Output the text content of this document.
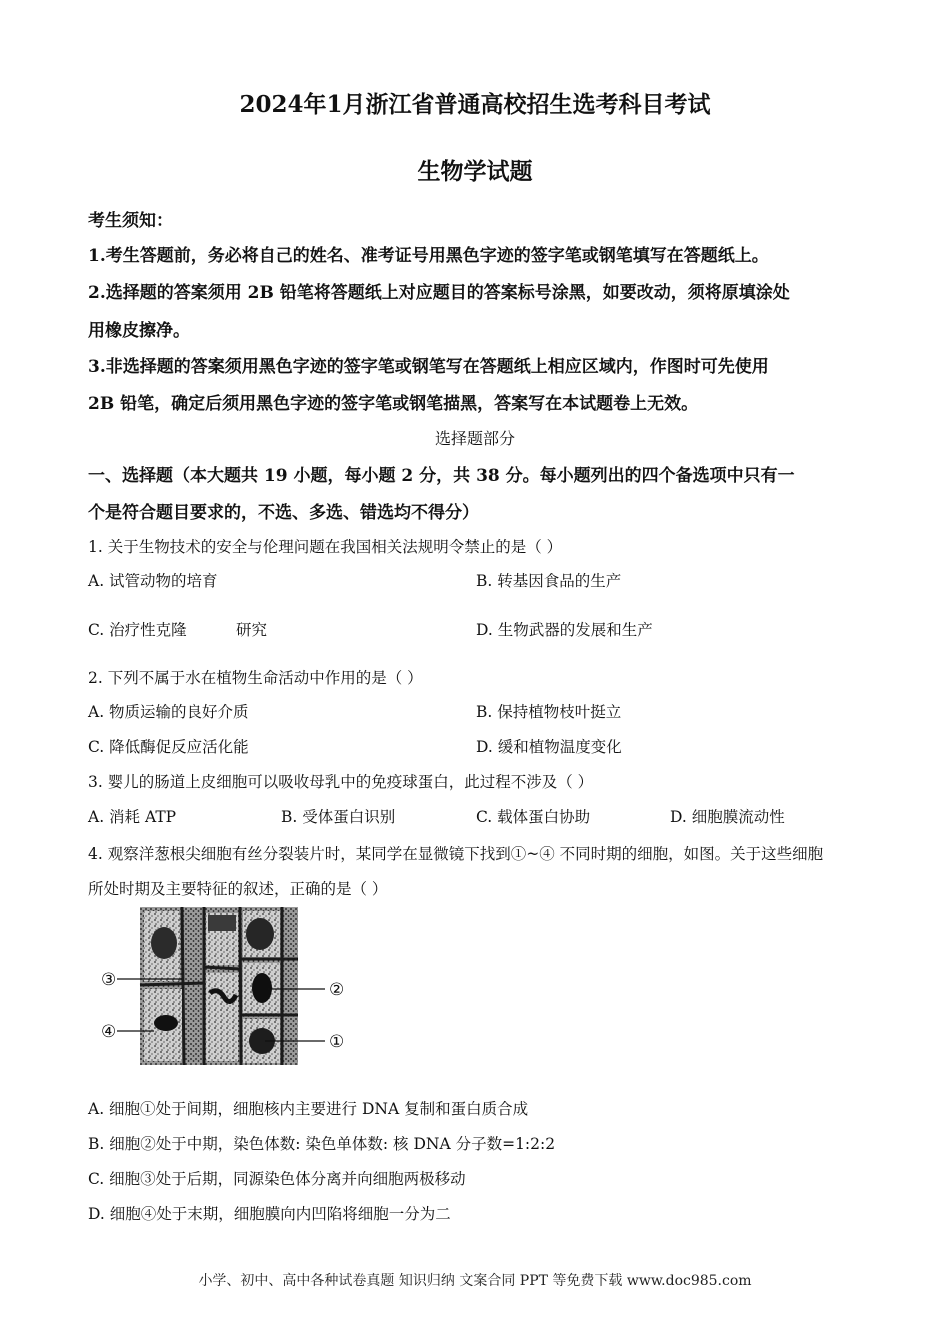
2024年1月浙江省普通高校招生选考科目考试
生物学试题
考生须知：
1.考生答题前，务必将自己的姓名、准考证号用黑色字迹的签字笔或钢笔填写在答题纸上。
2.选择题的答案须用 2B 铅笔将答题纸上对应题目的答案标号涂黑，如要改动，须将原填涂处
用橡皮擦净。
3.非选择题的答案须用黑色字迹的签字笔或钢笔写在答题纸上相应区域内，作图时可先使用
2B 铅笔，确定后须用黑色字迹的签字笔或钢笔描黑，答案写在本试题卷上无效。
选择题部分
一、选择题（本大题共 19 小题，每小题 2 分，共 38 分。每小题列出的四个备选项中只有一
个是符合题目要求的，不选、多选、错选均不得分）
1. 关于生物技术的安全与伦理问题在我国相关法规明令禁止的是（ ）
A. 试管动物的培育	B. 转基因食品的生产
C. 治疗性克隆	研究	D. 生物武器的发展和生产
2. 下列不属于水在植物生命活动中作用的是（ ）
A. 物质运输的良好介质	B. 保持植物枝叶挺立
C. 降低酶促反应活化能	D. 缓和植物温度变化
3. 婴儿的肠道上皮细胞可以吸收母乳中的免疫球蛋白，此过程不涉及（ ）
A. 消耗 ATP	B. 受体蛋白识别	C. 载体蛋白协助	D. 细胞膜流动性
4. 观察洋葱根尖细胞有丝分裂装片时，某同学在显微镜下找到①~④ 不同时期的细胞，如图。关于这些细胞
所处时期及主要特征的叙述，正确的是（ ）
③	②
④	①
A. 细胞①处于间期，细胞核内主要进行 DNA 复制和蛋白质合成
B. 细胞②处于中期，染色体数: 染色单体数: 核 DNA 分子数=1:2:2
C. 细胞③处于后期，同源染色体分离并向细胞两极移动
D. 细胞④处于末期，细胞膜向内凹陷将细胞一分为二
小学、初中、高中各种试卷真题 知识归纳 文案合同 PPT 等免费下载 www.doc985.com
